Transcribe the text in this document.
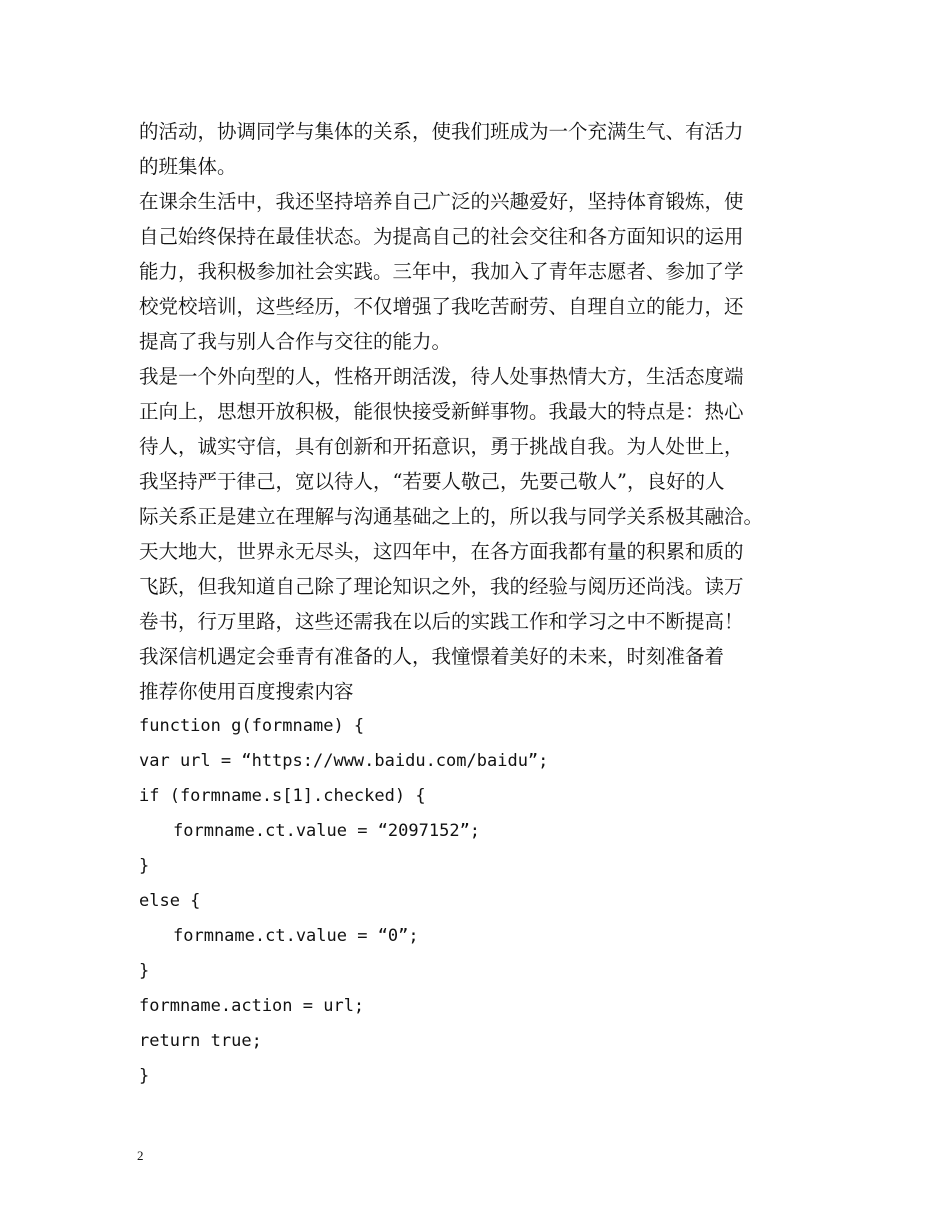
的活动，协调同学与集体的关系，使我们班成为一个充满生气、有活力
的班集体。
在课余生活中，我还坚持培养自己广泛的兴趣爱好，坚持体育锻炼，使
自己始终保持在最佳状态。为提高自己的社会交往和各方面知识的运用
能力，我积极参加社会实践。三年中，我加入了青年志愿者、参加了学
校党校培训，这些经历，不仅增强了我吃苦耐劳、自理自立的能力，还
提高了我与别人合作与交往的能力。
我是一个外向型的人，性格开朗活泼，待人处事热情大方，生活态度端
正向上，思想开放积极，能很快接受新鲜事物。我最大的特点是：热心
待人，诚实守信，具有创新和开拓意识，勇于挑战自我。为人处世上，
我坚持严于律己，宽以待人，“若要人敬己，先要己敬人”，良好的人
际关系正是建立在理解与沟通基础之上的，所以我与同学关系极其融洽。
天大地大，世界永无尽头，这四年中，在各方面我都有量的积累和质的
飞跃，但我知道自己除了理论知识之外，我的经验与阅历还尚浅。读万
卷书，行万里路，这些还需我在以后的实践工作和学习之中不断提高！
我深信机遇定会垂青有准备的人，我憧憬着美好的未来，时刻准备着
推荐你使用百度搜索内容
function g(formname) {
var url = “https://www.baidu.com/baidu”;
if (formname.s[1].checked) {
formname.ct.value = “2097152”;
}
else {
formname.ct.value = “0”;
}
formname.action = url;
return true;
}
2
